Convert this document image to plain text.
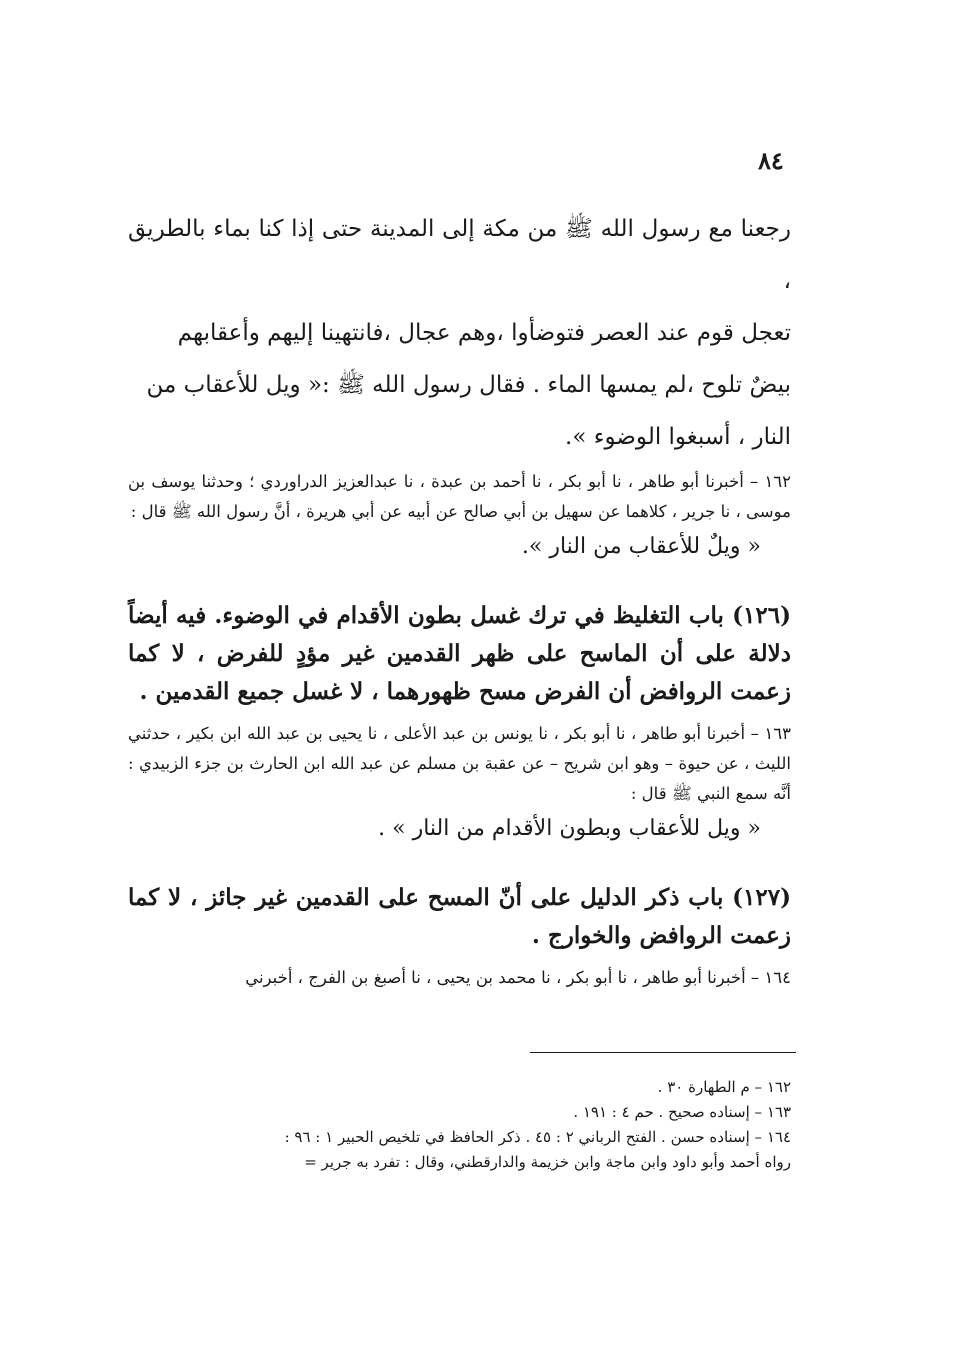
٨٤

رجعنا مع رسول الله ﷺ من مكة إلى المدينة حتى إذا كنا بماء بالطريق ،
تعجل قوم عند العصر فتوضأوا ،وهم عجال ،فانتهينا إليهم وأعقابهم
بيضٌ تلوح ،لم يمسها الماء . فقال رسول الله ﷺ :« ويل للأعقاب من
النار ، أسبغوا الوضوء ».

١٦٢ – أخبرنا أبو طاهر ، نا أبو بكر ، نا أحمد بن عبدة ، نا عبدالعزيز الدراوردي ؛ وحدثنا يوسف بن موسى ، نا جرير ، كلاهما عن سهيل بن أبي صالح عن أبيه عن أبي هريرة ، أنَّ رسول الله ﷺ قال :

« ويلٌ للأعقاب من النار ».

(١٢٦) باب التغليظ في ترك غسل بطون الأقدام في الوضوء. فيه أيضاً دلالة على أن الماسح على ظهر القدمين غير مؤدٍ للفرض ، لا كما زعمت الروافض أن الفرض مسح ظهورهما ، لا غسل جميع القدمين .

١٦٣ – أخبرنا أبو طاهر ، نا أبو بكر ، نا يونس بن عبد الأعلى ، نا يحيى بن عبد الله ابن بكير ، حدثني الليث ، عن حيوة – وهو ابن شريح – عن عقبة بن مسلم عن عبد الله ابن الحارث بن جزء الزبيدي : أنَّه سمع النبي ﷺ قال :

« ويل للأعقاب وبطون الأقدام من النار » .

(١٢٧) باب ذكر الدليل على أنّ المسح على القدمين غير جائز ، لا كما زعمت الروافض والخوارج .

١٦٤ – أخبرنا أبو طاهر ، نا أبو بكر ، نا محمد بن يحيى ، نا أصبغ بن الفرج ، أخبرني

١٦٢ – م الطهارة ٣٠ .

١٦٣ – إسناده صحيح . حم ٤ : ١٩١ .

١٦٤ – إسناده حسن . الفتح الرباني ٢ : ٤٥ . ذكر الحافظ في تلخيص الحبير ١ : ٩٦ :

رواه أحمد وأبو داود وابن ماجة وابن خزيمة والدارقطني، وقال : تفرد به جرير =
